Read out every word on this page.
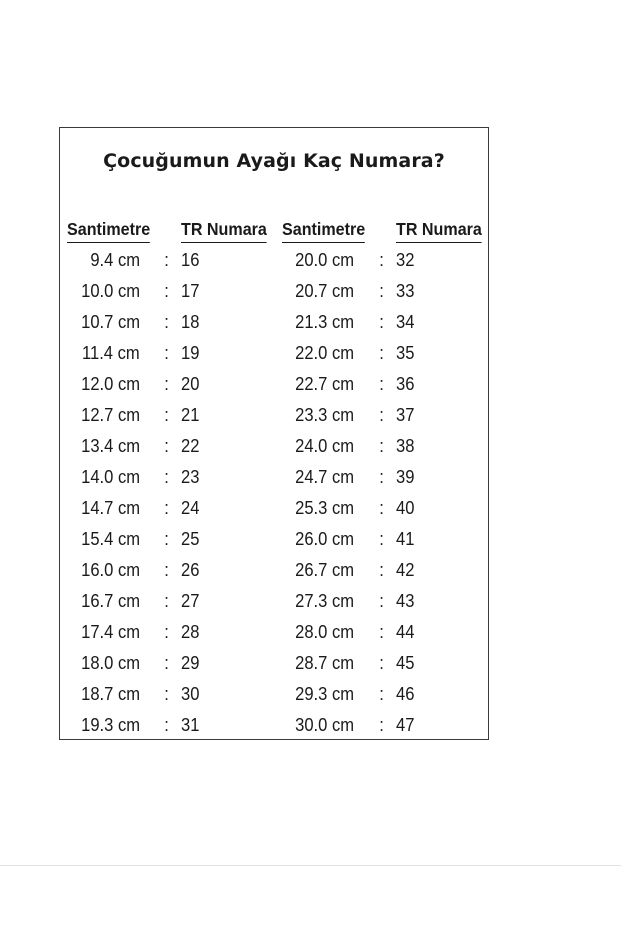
Çocuğumun Ayağı Kaç Numara?
Santimetre TR Numara Santimetre TR Numara
9.4 cm : 16	20.0 cm : 32
10.0 cm : 17	20.7 cm : 33
10.7 cm : 18	21.3 cm : 34
11.4 cm : 19	22.0 cm : 35
12.0 cm : 20	22.7 cm : 36
12.7 cm : 21	23.3 cm : 37
13.4 cm : 22	24.0 cm : 38
14.0 cm : 23	24.7 cm : 39
14.7 cm : 24	25.3 cm : 40
15.4 cm : 25	26.0 cm : 41
16.0 cm : 26	26.7 cm : 42
16.7 cm : 27	27.3 cm : 43
17.4 cm : 28	28.0 cm : 44
18.0 cm : 29	28.7 cm : 45
18.7 cm : 30	29.3 cm : 46
19.3 cm : 31	30.0 cm : 47
